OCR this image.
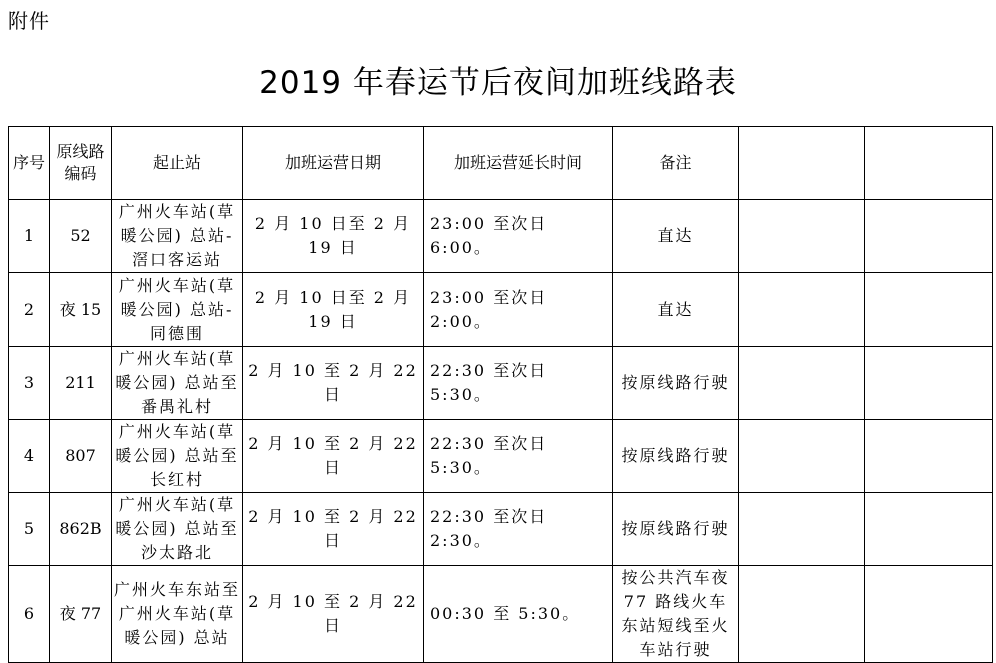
附件
2019 年春运节后夜间加班线路表
序号	原线路编码	起止站	加班运营日期	加班运营延长时间	备注		
1	52	广州火车站(草暖公园) 总站-滘口客运站	2 月 10 日至 2 月 19 日	23:00 至次日 6:00。	直达		
2	夜 15	广州火车站(草暖公园) 总站-同德围	2 月 10 日至 2 月 19 日	23:00 至次日 2:00。	直达		
3	211	广州火车站(草暖公园) 总站至番禺礼村	2 月 10 至 2 月 22 日	22:30 至次日 5:30。	按原线路行驶		
4	807	广州火车站(草暖公园) 总站至长红村	2 月 10 至 2 月 22 日	22:30 至次日 5:30。	按原线路行驶		
5	862B	广州火车站(草暖公园) 总站至沙太路北	2 月 10 至 2 月 22 日	22:30 至次日 2:30。	按原线路行驶		
6	夜 77	广州火车东站至广州火车站(草暖公园) 总站	2 月 10 至 2 月 22 日	00:30 至 5:30。	按公共汽车夜 77 路线火车东站短线至火车站行驶		
